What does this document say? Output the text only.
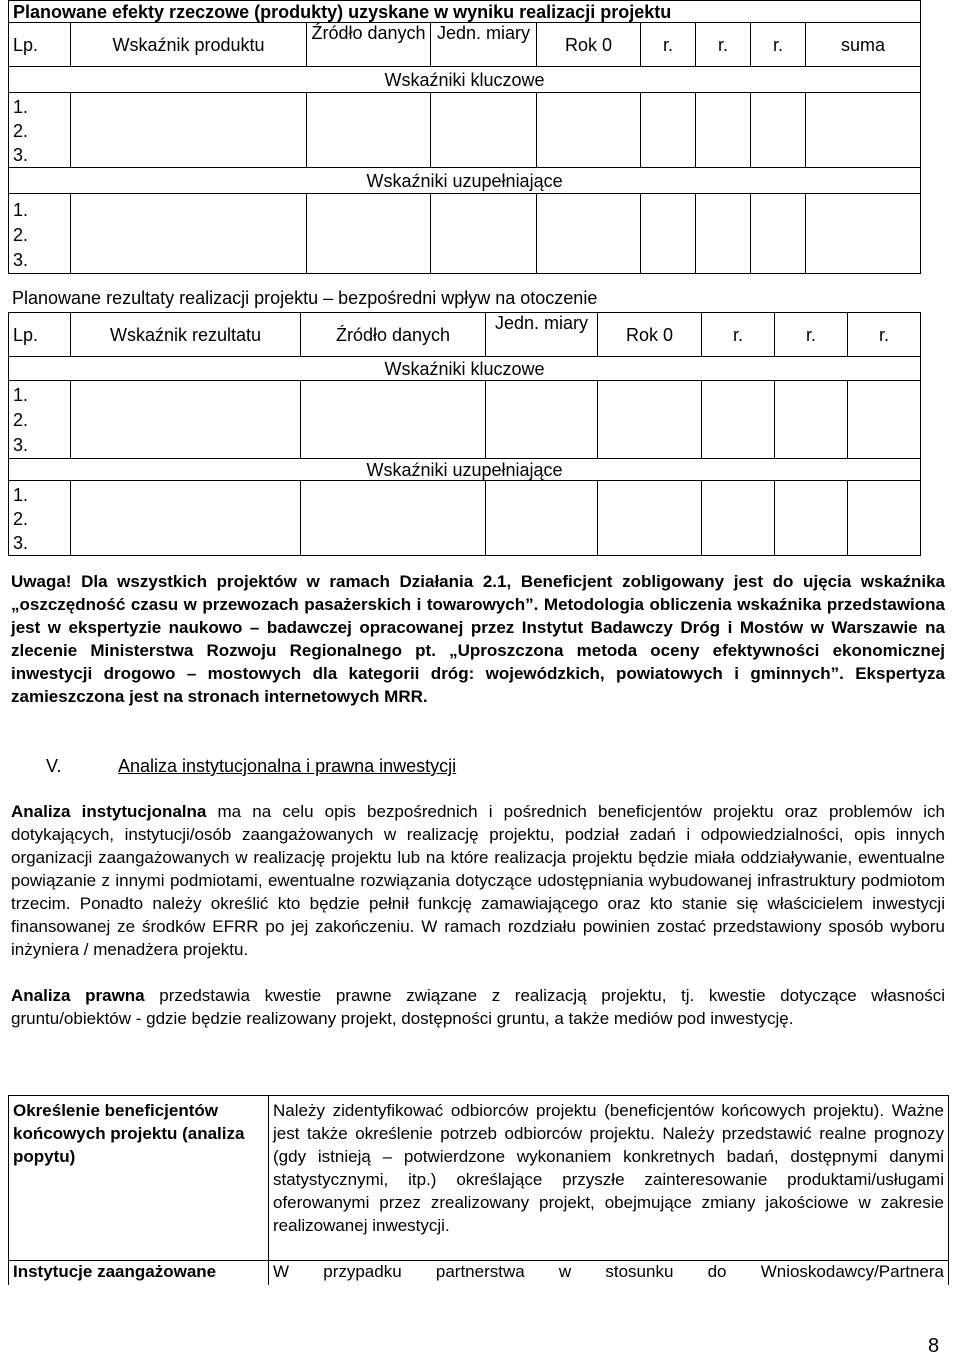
Planowane efekty rzeczowe (produkty) uzyskane w wyniku realizacji projektu								
Lp.	Wskaźnik produktu	Źródło danych	Jedn. miary	Rok 0	r.	r.	r.	suma
Wskaźniki kluczowe								

1.
2.
3.								

Wskaźniki uzupełniające								

1.
2.
3.								

Planowane rezultaty realizacji projektu – bezpośredni wpływ na otoczenie
Lp.	Wskaźnik rezultatu	Źródło danych	Jedn. miary	Rok 0	r.	r.	r.
Wskaźniki kluczowe							

1.
2.
3.							

Wskaźniki uzupełniające							

1.
2.
3.							

Uwaga! Dla wszystkich projektów w ramach Działania 2.1, Beneficjent zobligowany jest do ujęcia wskaźnika „oszczędność czasu w przewozach pasażerskich i towarowych”. Metodologia obliczenia wskaźnika przedstawiona jest w ekspertyzie naukowo – badawczej opracowanej przez Instytut Badawczy Dróg i Mostów w Warszawie na zlecenie Ministerstwa Rozwoju Regionalnego pt. „Uproszczona metoda oceny efektywności ekonomicznej inwestycji drogowo – mostowych dla kategorii dróg: wojewódzkich, powiatowych i gminnych”. Ekspertyza zamieszczona jest na stronach internetowych MRR.
V.	Analiza instytucjonalna i prawna inwestycji
Analiza instytucjonalna ma na celu opis bezpośrednich i pośrednich beneficjentów projektu oraz problemów ich dotykających, instytucji/osób zaangażowanych w realizację projektu, podział zadań i odpowiedzialności, opis innych organizacji zaangażowanych w realizację projektu lub na które realizacja projektu będzie miała oddziaływanie, ewentualne powiązanie z innymi podmiotami, ewentualne rozwiązania dotyczące udostępniania wybudowanej infrastruktury podmiotom trzecim. Ponadto należy określić kto będzie pełnił funkcję zamawiającego oraz kto stanie się właścicielem inwestycji finansowanej ze środków EFRR po jej zakończeniu. W ramach rozdziału powinien zostać przedstawiony sposób wyboru inżyniera / menadżera projektu.
Analiza prawna przedstawia kwestie prawne związane z realizacją projektu, tj. kwestie dotyczące własności gruntu/obiektów - gdzie będzie realizowany projekt, dostępności gruntu, a także mediów pod inwestycję.
Określenie beneficjentów końcowych projektu (analiza popytu)	Należy zidentyfikować odbiorców projektu (beneficjentów końcowych projektu). Ważne jest także określenie potrzeb odbiorców projektu. Należy przedstawić realne prognozy (gdy istnieją – potwierdzone wykonaniem konkretnych badań, dostępnymi danymi statystycznymi, itp.) określające przyszłe zainteresowanie produktami/usługami oferowanymi przez zrealizowany projekt, obejmujące zmiany jakościowe w zakresie realizowanej inwestycji.
Instytucje zaangażowane	W przypadku partnerstwa w stosunku do Wnioskodawcy/Partnera
8
